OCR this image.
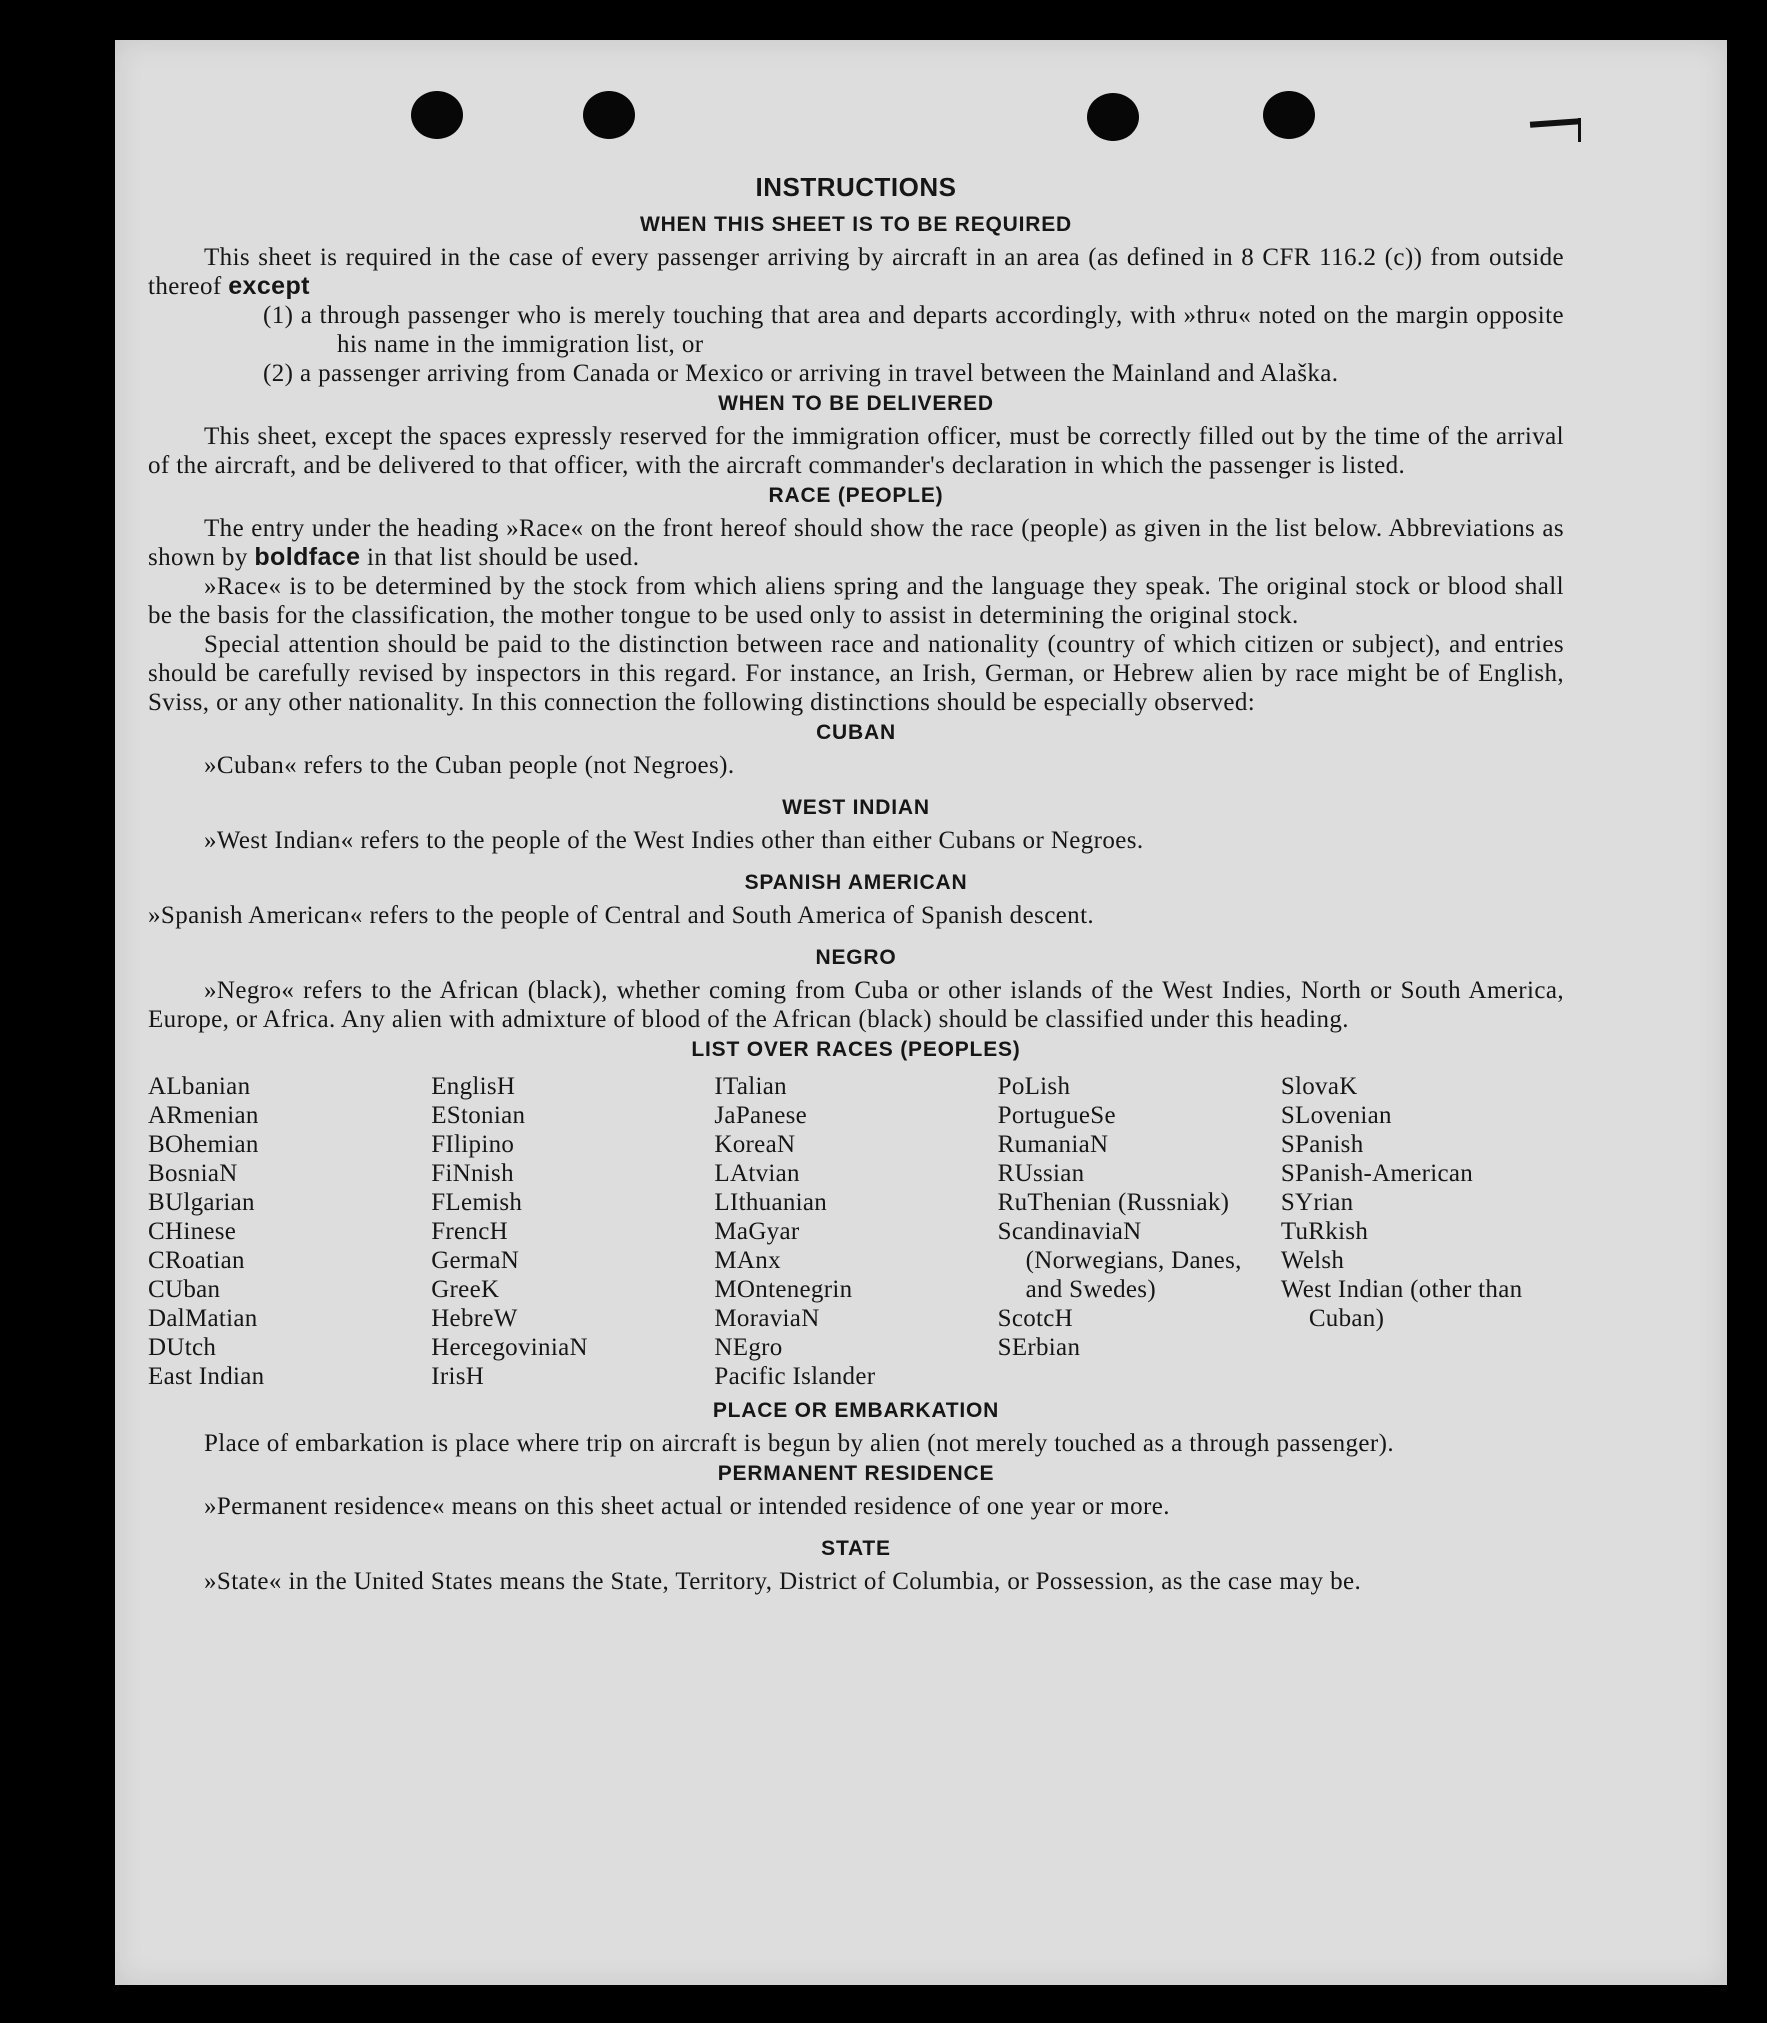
INSTRUCTIONS
WHEN THIS SHEET IS TO BE REQUIRED

This sheet is required in the case of every passenger arriving by aircraft in an area (as defined in 8 CFR 116.2 (c)) from outside thereof except

(1) a through passenger who is merely touching that area and departs accordingly, with »thru« noted on the margin opposite his name in the immigration list, or
(2) a passenger arriving from Canada or Mexico or arriving in travel between the Mainland and Alaška.
WHEN TO BE DELIVERED

This sheet, except the spaces expressly reserved for the immigration officer, must be correctly filled out by the time of the arrival of the aircraft, and be delivered to that officer, with the aircraft commander's declaration in which the passenger is listed.

RACE (PEOPLE)

The entry under the heading »Race« on the front hereof should show the race (people) as given in the list below. Abbreviations as shown by boldface in that list should be used.

»Race« is to be determined by the stock from which aliens spring and the language they speak. The original stock or blood shall be the basis for the classification, the mother tongue to be used only to assist in determining the original stock.

Special attention should be paid to the distinction between race and nationality (country of which citizen or subject), and entries should be carefully revised by inspectors in this regard. For instance, an Irish, German, or Hebrew alien by race might be of English, Sviss, or any other nationality. In this connection the following distinctions should be especially observed:

CUBAN

»Cuban« refers to the Cuban people (not Negroes).

WEST INDIAN

»West Indian« refers to the people of the West Indies other than either Cubans or Negroes.

SPANISH AMERICAN

»Spanish American« refers to the people of Central and South America of Spanish descent.

NEGRO

»Negro« refers to the African (black), whether coming from Cuba or other islands of the West Indies, North or South America, Europe, or Africa. Any alien with admixture of blood of the African (black) should be classified under this heading.

LIST OVER RACES (PEOPLES)
ALbanian
ARmenian
BOhemian
BosniaN
BUlgarian
CHinese
CRoatian
CUban
DalMatian
DUtch
East Indian
EnglisH
EStonian
FIlipino
FiNnish
FLemish
FrencH
GermaN
GreeK
HebreW
HercegoviniaN
IrisH
ITalian
JaPanese
KoreaN
LAtvian
LIthuanian
MaGyar
MAnx
MOntenegrin
MoraviaN
NEgro
Pacific Islander
PoLish
PortugueSe
RumaniaN
RUssian
RuThenian (Russniak)
ScandinaviaN (Norwegians, Danes, and Swedes)
ScotcH
SErbian
SlovaK
SLovenian
SPanish
SPanish-American
SYrian
TuRkish
Welsh
West Indian (other than Cuban)
PLACE OR EMBARKATION

Place of embarkation is place where trip on aircraft is begun by alien (not merely touched as a through passenger).

PERMANENT RESIDENCE

»Permanent residence« means on this sheet actual or intended residence of one year or more.

STATE

»State« in the United States means the State, Territory, District of Columbia, or Possession, as the case may be.
